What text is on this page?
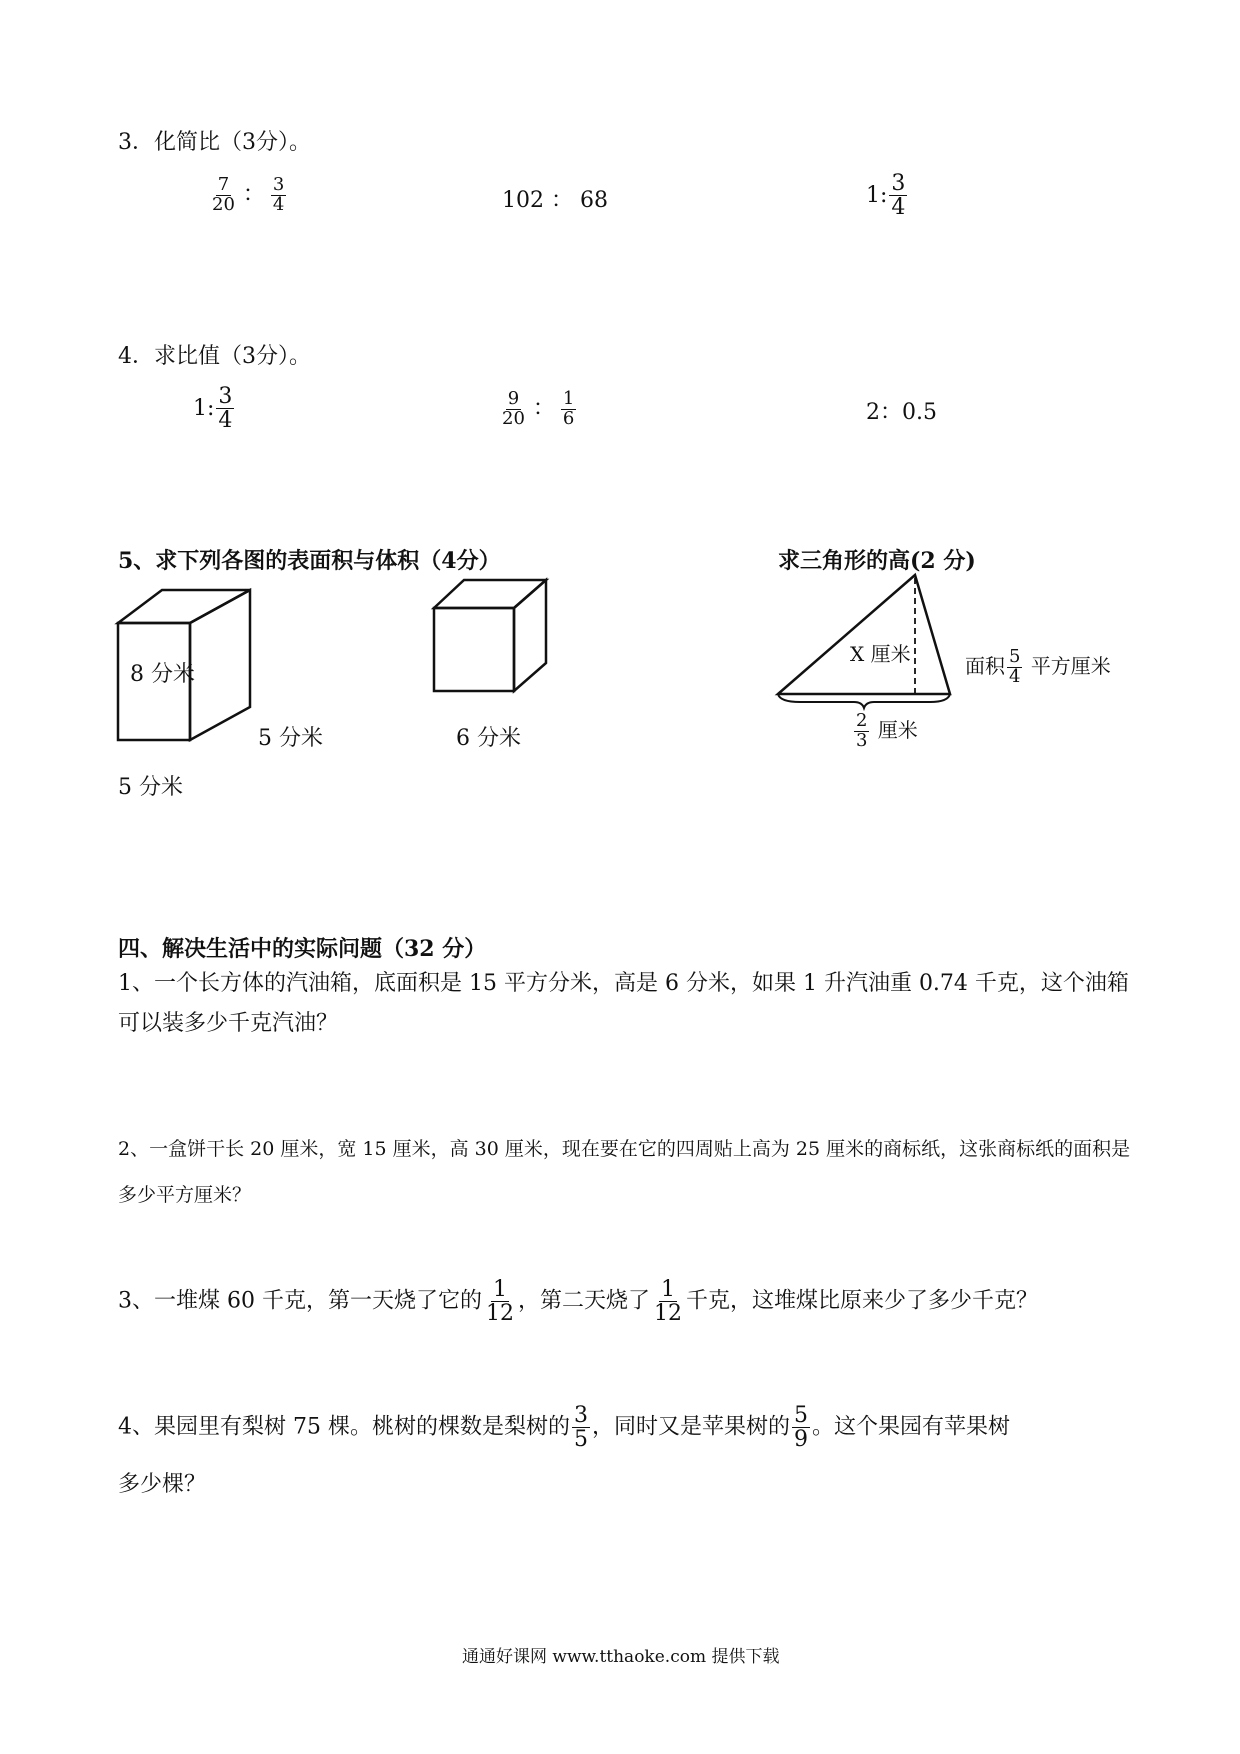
3．化简比（3分）。
$\frac{7}{20}$ ： $\frac{3}{4}$	102 ： 68	1: $\frac{3}{4}$
4．求比值（3分）。
1: $\frac{3}{4}$	$\frac{9}{20}$ ： $\frac{1}{6}$	2：0.5
5、求下列各图的表面积与体积（4分）
8 分米
5 分米
5 分米
6 分米
求三角形的高(2 分)
X 厘米	面积 $\frac{5}{4}$ 平方厘米
$\frac{2}{3}$ 厘米
四、解决生活中的实际问题（32 分）
1、一个长方体的汽油箱，底面积是 15 平方分米，高是 6 分米，如果 1 升汽油重 0.74 千克，这个油箱可以装多少千克汽油？
2、一盒饼干长 20 厘米，宽 15 厘米，高 30 厘米，现在要在它的四周贴上高为 25 厘米的商标纸，这张商标纸的面积是多少平方厘米？
3、一堆煤 60 千克，第一天烧了它的 $\frac{1}{12}$ ，第二天烧了 $\frac{1}{12}$ 千克，这堆煤比原来少了多少千克？
4、果园里有梨树 75 棵。桃树的棵数是梨树的 $\frac{3}{5}$ ，同时又是苹果树的 $\frac{5}{9}$ 。这个果园有苹果树
多少棵？
通通好课网 www.tthaoke.com 提供下载
